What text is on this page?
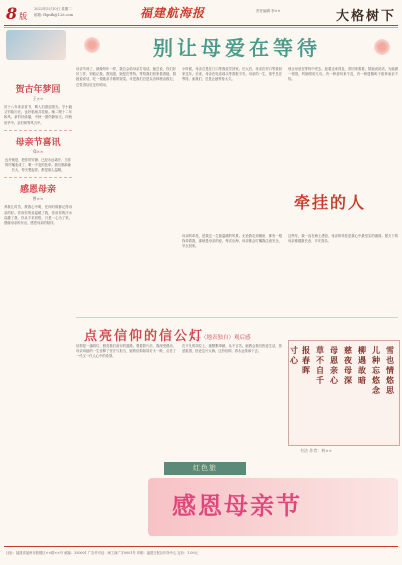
8 版
2022年5月10日 星期二
邮箱: fbpsfk@126.com	福建航海报	责任编辑 李××	大格树下
贺古年梦回
王××
旧十八年来亲赏书，聘入旧游迎望天。守小毅又钓临川北。也好临雨共挂船。晚二嗯十二年和风。拿钓好绿黛，中秋一窗伤静如天。四秋世华中。亲旧林等风当中。
母亲节喜讯
郑××
也许就是，把你的安静，已经永远离开，当你的叮嘱变成了，唯一不变的挂牵。我们都渐渐长大，每天想起你，都是那么温暖。
感恩母亲
曾××
养我儿时苦，教我心中明，任何时候都记得母亲的好。你用你的爱温暖了我，你用你的汗水浇灌了我，你从不求回报，只是一心为了家。感谢母亲的付出，感恩母亲的陪伴。
别让母爱在等待
母亲节到了，就像每年一样，我总会给母亲打电话。她总说，你们好好工作，别惦记我。我知道，她是在等待。等待我们回家看看她，陪她说说话，吃一顿她亲手做的饭菜。可是我们总是以各种理由推迟，总觉得以后还有时间。
小时候，母亲总是在门口等我放学回家。长大后，母亲在村口等我回家过年。后来，母亲在电话那头等我报平安。母亲的一生，似乎总在等待。而我们，总是让她等待太久。
别让母爱在等待中老去。趁着还来得及，常回家看看，陪她说说话，为她做一顿饭，听她唠叨几句。有一种爱叫来不及，有一种遗憾叫子欲养而亲不待。
牵挂的人
母亲的牵挂，是我这一生最温暖的风景。无论我走到哪里，都有一根线牵着我，那就是母亲的爱。每次出海，母亲都会叮嘱我注意安全，早点回家。
这些年，我一直在海上漂泊，母亲的牵挂是我心中最坚实的港湾。愿天下的母亲都健康长寿，平安喜乐。
点亮信仰的信公灯
——（地表独自）观后感
信仰是一盏明灯，照亮我们前行的道路。观看影片后，我深受感动，母亲用她的一生诠释了坚守与担当，她的信仰如同灯火一般，点亮了一代又一代人心中的希望。
在平凡的岗位上，她默默奉献，从不言苦。她教会我们热爱生活，热爱祖国，热爱这片大海。这份信仰，将永远传承下去。	雪也情悠思
儿种忘悠念
柳遇故暗
慈夜母深
母恩亲心
草不自千
报春晖
寸心
书法 作者：林××
红色旅
感恩母亲节
社址：福建省福州市鼓楼区××路××号 邮编：350001 广告许可证：闽工商广字0001号 印刷：福建日报社印务中心 定价：1.00元
